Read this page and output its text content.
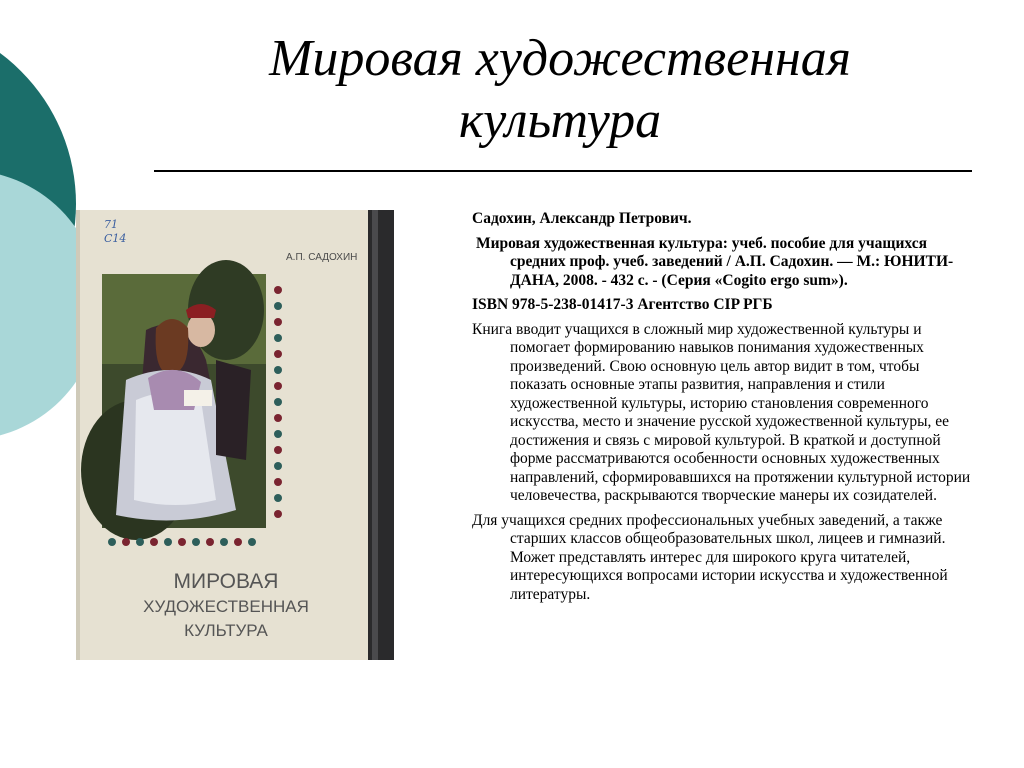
Мировая художественная
культура
71
С14
А.П. САДОХИН
МИРОВАЯ
ХУДОЖЕСТВЕННАЯ
КУЛЬТУРА

Садохин, Александр Петрович.

Мировая художественная культура: учеб. пособие для учащихся средних проф. учеб. заведений / А.П. Садохин. — М.: ЮНИТИ-ДАНА, 2008. - 432 с. - (Серия «Cogito ergo sum»).

ISBN 978-5-238-01417-3 Агентство CIP РГБ

Книга вводит учащихся в сложный мир художественной культуры и помогает формированию навыков понимания художественных произведений. Свою основную цель автор видит в том, чтобы показать основные этапы развития, направления и стили художественной культуры, историю становления современного искусства, место и значение русской художественной культуры, ее достижения и связь с мировой культурой. В краткой и доступной форме рассматриваются особенности основных художественных направлений, сформировавшихся на протяжении культурной истории человечества, раскрываются творческие манеры их созидателей.

Для учащихся средних профессиональных учебных заведений, а также старших классов общеобразовательных школ, лицеев и гимназий. Может представлять интерес для широкого круга читателей, интересующихся вопросами истории искусства и художественной литературы.
